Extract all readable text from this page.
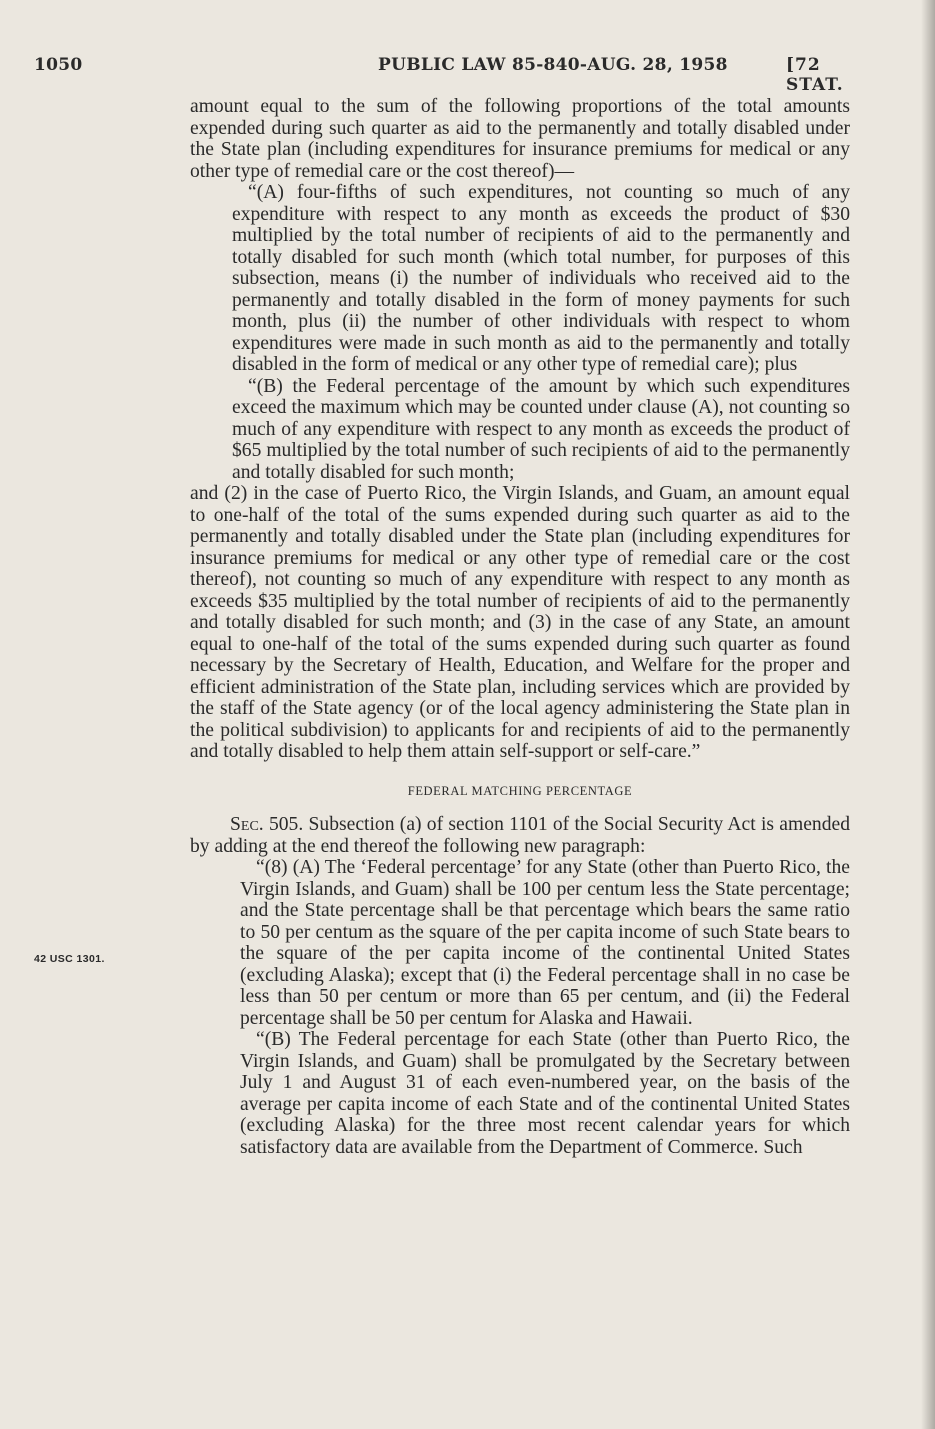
1050	PUBLIC LAW 85-840-AUG. 28, 1958	[72 STAT.
42 USC 1301.

amount equal to the sum of the following proportions of the total amounts expended during such quarter as aid to the permanently and totally disabled under the State plan (including expenditures for insurance premiums for medical or any other type of remedial care or the cost thereof)—

“(A) four-fifths of such expenditures, not counting so much of any expenditure with respect to any month as exceeds the product of $30 multiplied by the total number of recipients of aid to the permanently and totally disabled for such month (which total number, for purposes of this subsection, means (i) the number of individuals who received aid to the permanently and totally disabled in the form of money payments for such month, plus (ii) the number of other individuals with respect to whom expenditures were made in such month as aid to the permanently and totally disabled in the form of medical or any other type of remedial care); plus

“(B) the Federal percentage of the amount by which such expenditures exceed the maximum which may be counted under clause (A), not counting so much of any expenditure with respect to any month as exceeds the product of $65 multiplied by the total number of such recipients of aid to the permanently and totally disabled for such month;

and (2) in the case of Puerto Rico, the Virgin Islands, and Guam, an amount equal to one-half of the total of the sums expended during such quarter as aid to the permanently and totally disabled under the State plan (including expenditures for insurance premiums for medical or any other type of remedial care or the cost thereof), not counting so much of any expenditure with respect to any month as exceeds $35 multiplied by the total number of recipients of aid to the permanently and totally disabled for such month; and (3) in the case of any State, an amount equal to one-half of the total of the sums expended during such quarter as found necessary by the Secretary of Health, Education, and Welfare for the proper and efficient administration of the State plan, including services which are provided by the staff of the State agency (or of the local agency administering the State plan in the political subdivision) to applicants for and recipients of aid to the permanently and totally disabled to help them attain self-support or self-care.”

FEDERAL MATCHING PERCENTAGE

Sec. 505. Subsection (a) of section 1101 of the Social Security Act is amended by adding at the end thereof the following new paragraph:

“(8) (A) The ‘Federal percentage’ for any State (other than Puerto Rico, the Virgin Islands, and Guam) shall be 100 per centum less the State percentage; and the State percentage shall be that percentage which bears the same ratio to 50 per centum as the square of the per capita income of such State bears to the square of the per capita income of the continental United States (excluding Alaska); except that (i) the Federal percentage shall in no case be less than 50 per centum or more than 65 per centum, and (ii) the Federal percentage shall be 50 per centum for Alaska and Hawaii.

“(B) The Federal percentage for each State (other than Puerto Rico, the Virgin Islands, and Guam) shall be promulgated by the Secretary between July 1 and August 31 of each even-numbered year, on the basis of the average per capita income of each State and of the continental United States (excluding Alaska) for the three most recent calendar years for which satisfactory data are available from the Department of Commerce. Such
